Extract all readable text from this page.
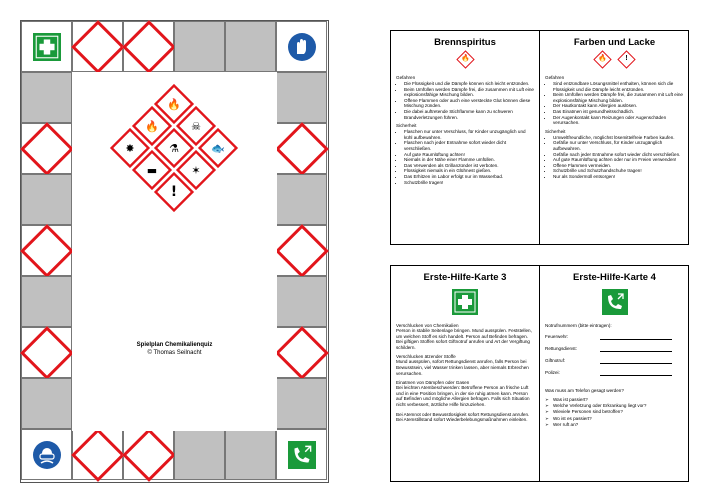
🔥
🔥	☠
✸	⚗	🐟
▬	✶
!
Spielplan Chemikalienquiz
© Thomas Seilnacht
Brennspiritus
🔥
Gefahren
• Die Flüssigkeit und die Dämpfe können sich leicht entzünden.
• Beim Umfüllen werden Dämpfe frei, die zusammen mit Luft eine explosionsfähige Mischung bilden.
• Offene Flammen oder auch eine versteckte Glut können diese Mischung zünden.
• Die dabei auftretende Stichflamme kann zu schweren Brandverletzungen führen.
Sicherheit
• Flaschen nur unter Verschluss, für Kinder unzugänglich und kühl aufbewahren.
• Flaschen nach jeder Entnahme sofort wieder dicht verschließen.
• Auf gute Raumlüftung achten!
• Niemals in der Nähe einer Flamme umfüllen.
• Das Verwenden als Grillanzünder ist verboten.
• Flüssigkeit niemals in ein Glühnest gießen.
• Das Erhitzen im Labor erfolgt nur im Wasserbad.
• Schutzbrille tragen!
Farben und Lacke
🔥
	!
Gefahren
• Sind entzündbare Lösungsmittel enthalten, können sich die Flüssigkeit und die Dämpfe leicht entzünden.
• Beim Umfüllen werden Dämpfe frei, die zusammen mit Luft eine explosionsfähige Mischung bilden.
• Der Hautkontakt kann Allergien auslösen.
• Das Einatmen ist gesundheitsschädlich.
• Der Augenkontakt kann Reizungen oder Augenschäden verursachen.
Sicherheit
• Umweltfreundliche, möglichst lösemittelfreie Farben kaufen.
• Gefäße nur unter Verschluss, für Kinder unzugänglich aufbewahren.
• Gefäße nach jeder Entnahme sofort wieder dicht verschließen.
• Auf gute Raumlüftung achten oder nur im Freien verwenden!
• Offene Flammen vermeiden.
• Schutzbrille und Schutzhandschuhe tragen!
• Nur als Sondermüll entsorgen!
Erste-Hilfe-Karte 3
Verschlucken von Chemikalien
Person in stabile Seitenlage bringen. Mund ausspülen. Feststellen, um welchen Stoff es sich handelt. Person auf Befinden befragen. Bei giftigen Stoffen sofort Giftnotruf anrufen und Art der Vergiftung schildern.
Verschlucken ätzender Stoffe
Mund ausspülen, sofort Rettungsdienst anrufen, falls Person bei Bewusstsein, viel Wasser trinken lassen, aber niemals Erbrechen verursachen.
Einatmen von Dämpfen oder Gasen
Bei leichten Atembeschwerden: Betroffene Person an frische Luft und in eine Position bringen, in der sie ruhig atmen kann. Person auf Befinden und mögliche Allergien befragen. Falls sich Situation nicht verbessert, ärztliche Hilfe hinzuziehen.
Bei Atemnot oder Bewusstlosigkeit sofort Rettungsdienst anrufen. Bei Atemstillstand sofort Wiederbelebungsmaßnahmen einleiten.
Erste-Hilfe-Karte 4
Notrufnummern (bitte eintragen):
Feuerwehr:
Rettungsdienst:
Giftnotruf:
Polizei:
Was muss am Telefon gesagt werden?
➢ Was ist passiert?
➢ Welche Verletzung oder Erkrankung liegt vor?
➢ Wieviele Personen sind betroffen?
➢ Wo ist es passiert?
➢ Wer ruft an?
